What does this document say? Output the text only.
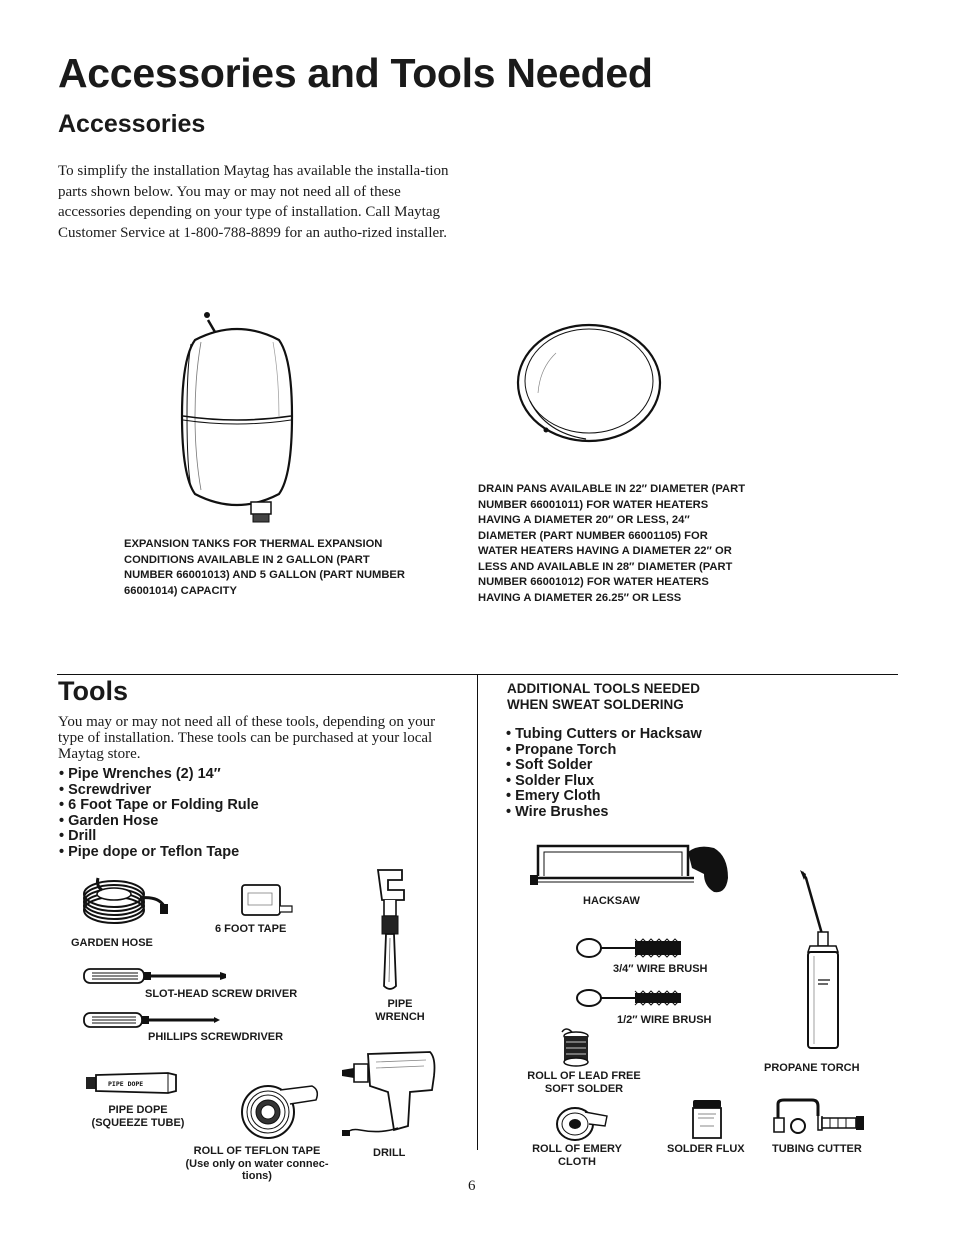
Accessories and Tools Needed
Accessories
To simplify the installation Maytag has available the installa-tion parts shown below. You may or may not need all of these accessories depending on your type of installation. Call Maytag Customer Service at 1-800-788-8899 for an autho-rized installer.
EXPANSION TANKS FOR THERMAL EXPANSION CONDITIONS AVAILABLE IN 2 GALLON (PART NUMBER 66001013) AND 5 GALLON (PART NUMBER 66001014) CAPACITY
DRAIN PANS AVAILABLE IN 22″ DIAMETER (PART NUMBER 66001011) FOR WATER HEATERS HAVING A DIAMETER 20″ OR LESS, 24″ DIAMETER (PART NUMBER 66001105) FOR WATER HEATERS HAVING A DIAMETER 22″ OR LESS AND AVAILABLE IN 28″ DIAMETER (PART NUMBER 66001012) FOR WATER HEATERS HAVING A DIAMETER 26.25″ OR LESS
Tools
You may or may not need all of these tools, depending on your type of installation. These tools can be purchased at your local Maytag store.
• Pipe Wrenches (2) 14″
• Screwdriver
• 6 Foot Tape or Folding Rule
• Garden Hose
• Drill
• Pipe dope or Teflon Tape
GARDEN HOSE
6 FOOT TAPE
SLOT-HEAD SCREW DRIVER
PHILLIPS SCREWDRIVER
PIPE
WRENCH
PIPE DOPE
PIPE DOPE
(SQUEEZE TUBE)
ROLL OF TEFLON TAPE
(Use only on water connec-
tions)
DRILL
ADDITIONAL TOOLS NEEDED
WHEN SWEAT SOLDERING
• Tubing Cutters or Hacksaw
• Propane Torch
• Soft Solder
• Solder Flux
• Emery Cloth
• Wire Brushes
HACKSAW
3/4″ WIRE BRUSH
1/2″ WIRE BRUSH
ROLL OF LEAD FREE
SOFT SOLDER
PROPANE TORCH
ROLL OF EMERY
CLOTH
SOLDER FLUX TUBING CUTTER
6
